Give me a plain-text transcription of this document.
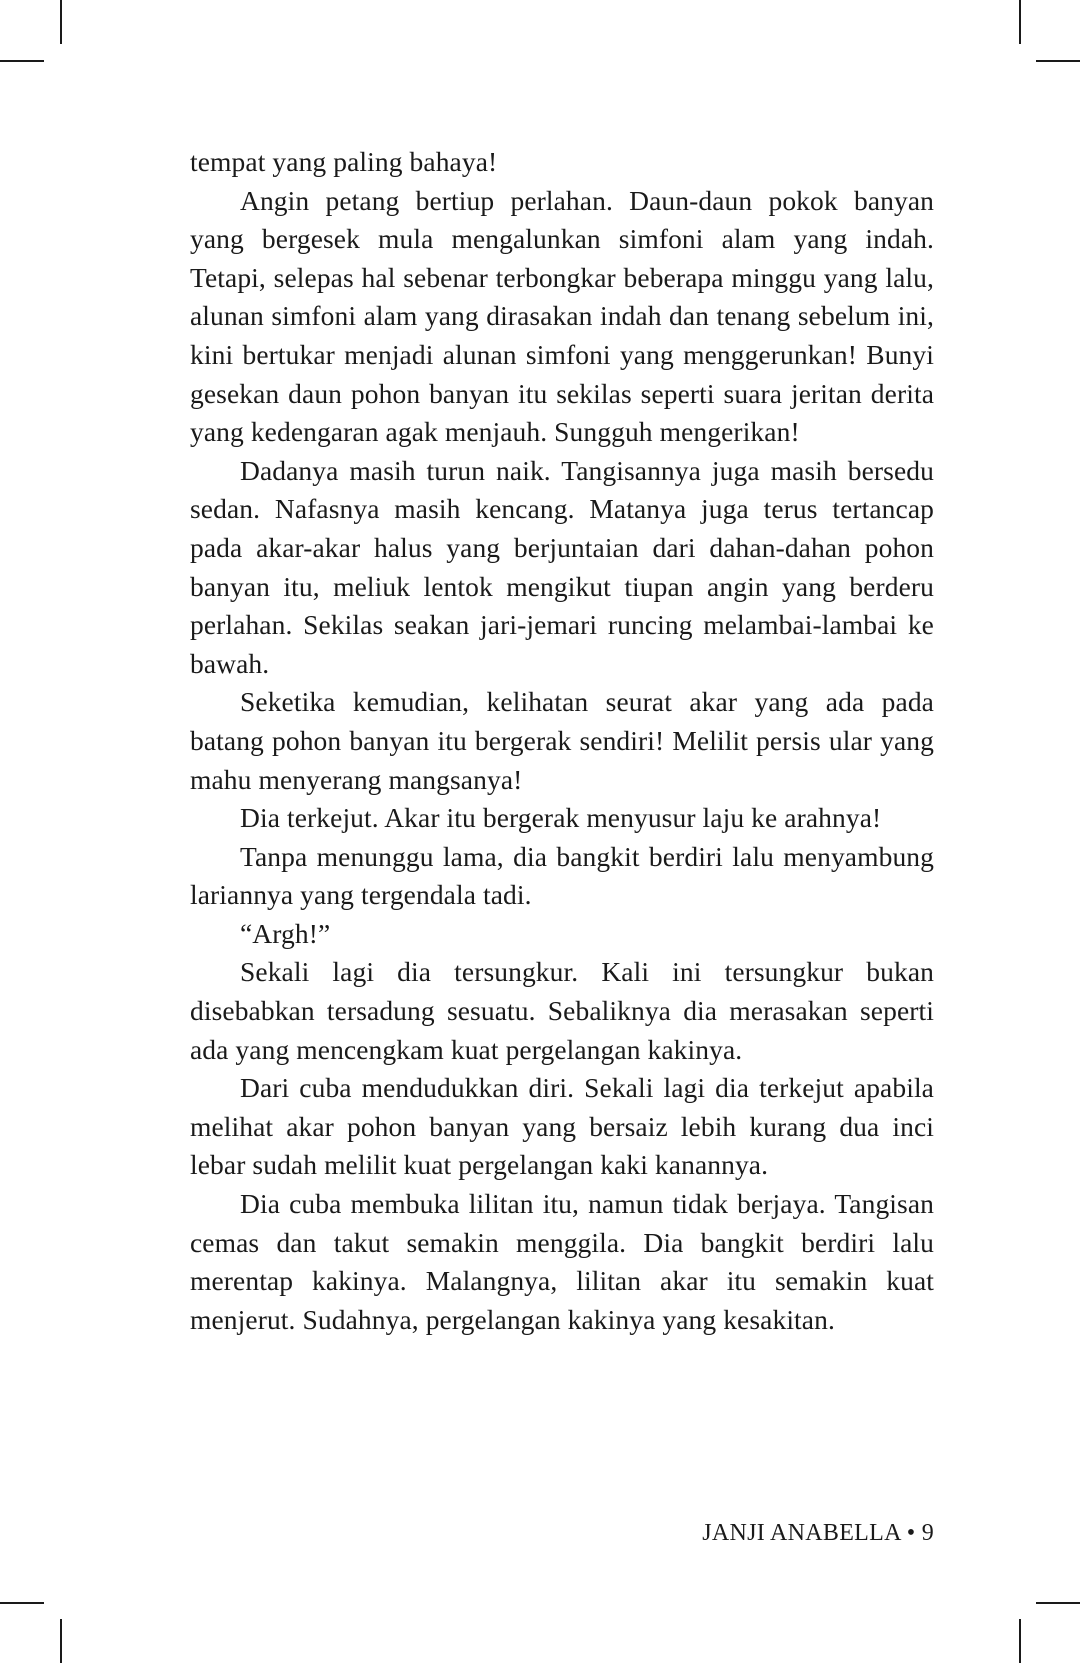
tempat yang paling bahaya!

Angin petang bertiup perlahan. Daun-daun pokok banyan yang bergesek mula mengalunkan simfoni alam yang indah. Tetapi, selepas hal sebenar terbongkar beberapa minggu yang lalu, alunan simfoni alam yang dirasakan indah dan tenang sebelum ini, kini bertukar menjadi alunan simfoni yang menggerunkan! Bunyi gesekan daun pohon banyan itu sekilas seperti suara jeritan derita yang kedengaran agak menjauh. Sungguh mengerikan!

Dadanya masih turun naik. Tangisannya juga masih bersedu sedan. Nafasnya masih kencang. Matanya juga terus tertancap pada akar-akar halus yang berjuntaian dari dahan-dahan pohon banyan itu, meliuk lentok mengikut tiupan angin yang berderu perlahan. Sekilas seakan jari-jemari runcing melambai-lambai ke bawah.

Seketika kemudian, kelihatan seurat akar yang ada pada batang pohon banyan itu bergerak sendiri! Melilit persis ular yang mahu menyerang mangsanya!

Dia terkejut. Akar itu bergerak menyusur laju ke arahnya!

Tanpa menunggu lama, dia bangkit berdiri lalu menyambung lariannya yang tergendala tadi.

“Argh!”

Sekali lagi dia tersungkur. Kali ini tersungkur bukan disebabkan tersadung sesuatu. Sebaliknya dia merasakan seperti ada yang mencengkam kuat pergelangan kakinya.

Dari cuba mendudukkan diri. Sekali lagi dia terkejut apabila melihat akar pohon banyan yang bersaiz lebih kurang dua inci lebar sudah melilit kuat pergelangan kaki kanannya.

Dia cuba membuka lilitan itu, namun tidak berjaya. Tangisan cemas dan takut semakin menggila. Dia bangkit berdiri lalu merentap kakinya. Malangnya, lilitan akar itu semakin kuat menjerut. Sudahnya, pergelangan kakinya yang kesakitan.

JANJI ANABELLA • 9
